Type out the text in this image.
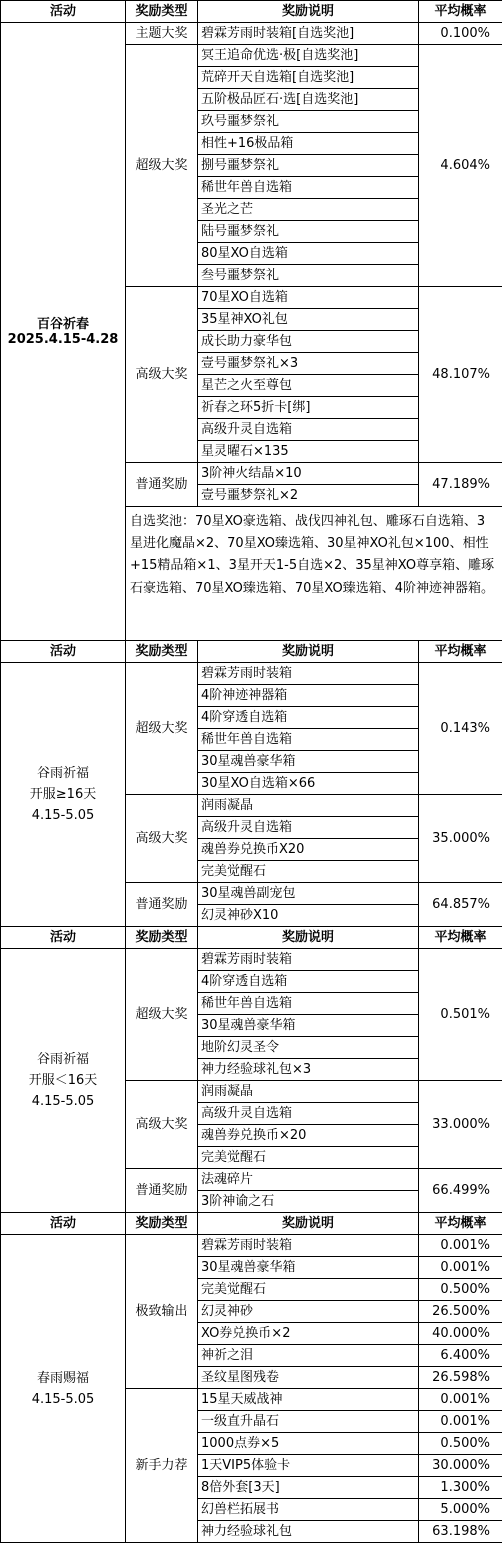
活动	奖励类型	奖励说明	平均概率

百谷祈春
2025.4.15-4.28	主题大奖	碧霖芳雨时装箱[自选奖池]	0.100%
	超级大奖	冥王追命优选·极[自选奖池]	4.604%
		荒碎开天自选箱[自选奖池]	
		五阶极品匠石·选[自选奖池]	
		玖号噩梦祭礼	
		相性+16极品箱	
		捌号噩梦祭礼	
		稀世年兽自选箱	
		圣光之芒	
		陆号噩梦祭礼	
		80星XO自选箱	
		叁号噩梦祭礼	
	高级大奖	70星XO自选箱	48.107%
		35星神XO礼包	
		成长助力豪华包	
		壹号噩梦祭礼×3	
		星芒之火至尊包	
		祈春之环5折卡[绑]	
		高级升灵自选箱	
		星灵曜石×135	
	普通奖励	3阶神火结晶×10	47.189%
		壹号噩梦祭礼×2	
	自选奖池：70星XO豪选箱、战伐四神礼包、雕琢石自选箱、3星进化魔晶×2、70星XO臻选箱、30星神XO礼包×100、相性+15精品箱×1、3星开天1-5自选×2、35星神XO尊享箱、雕琢石豪选箱、70星XO臻选箱、70星XO臻选箱、4阶神迹神器箱。		
活动	奖励类型	奖励说明	平均概率
谷雨祈福
开服≥16天
4.15-5.05	超级大奖	碧霖芳雨时装箱	0.143%
		4阶神迹神器箱	
		4阶穿透自选箱	
		稀世年兽自选箱	
		30星魂兽豪华箱	
		30星XO自选箱×66	
	高级大奖	润雨凝晶	35.000%
		高级升灵自选箱	
		魂兽券兑换币X20	
		完美觉醒石	
	普通奖励	30星魂兽副宠包	64.857%
		幻灵神砂X10	
活动	奖励类型	奖励说明	平均概率
谷雨祈福
开服＜16天
4.15-5.05	超级大奖	碧霖芳雨时装箱	0.501%
		4阶穿透自选箱	
		稀世年兽自选箱	
		30星魂兽豪华箱	
		地阶幻灵圣令	
		神力经验球礼包×3	
	高级大奖	润雨凝晶	33.000%
		高级升灵自选箱	
		魂兽券兑换币×20	
		完美觉醒石	
	普通奖励	法魂碎片	66.499%
		3阶神谕之石	
活动	奖励类型	奖励说明	平均概率
春雨赐福
4.15-5.05	极致输出	碧霖芳雨时装箱	0.001%
		30星魂兽豪华箱	0.001%
		完美觉醒石	0.500%
		幻灵神砂	26.500%
		XO券兑换币×2	40.000%
		神祈之泪	6.400%
		圣纹星图残卷	26.598%
	新手力荐	15星天威战神	0.001%
		一级直升晶石	0.001%
		1000点券×5	0.500%
		1天VIP5体验卡	30.000%
		8倍外套[3天]	1.300%
		幻兽栏拓展书	5.000%
		神力经验球礼包	63.198%
